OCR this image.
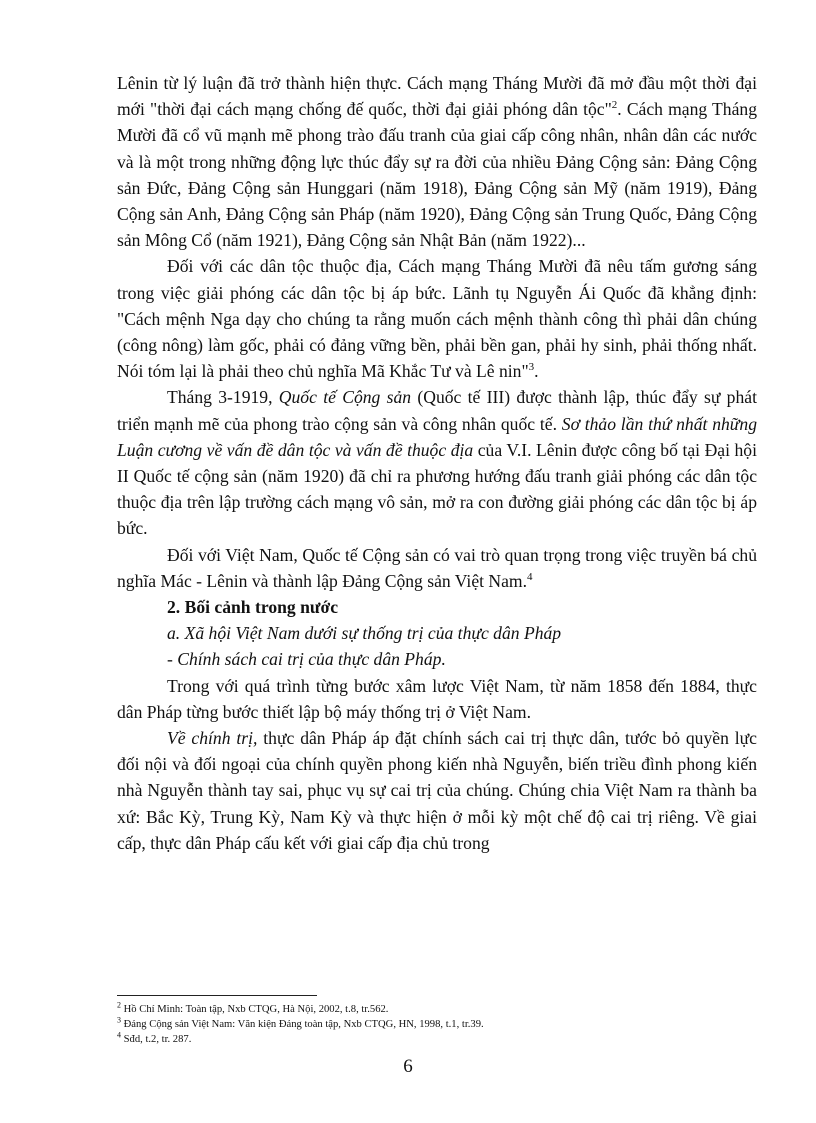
Lênin từ lý luận đã trở thành hiện thực. Cách mạng Tháng Mười đã mở đầu một thời đại mới "thời đại cách mạng chống đế quốc, thời đại giải phóng dân tộc"$^2$. Cách mạng Tháng Mười đã cổ vũ mạnh mẽ phong trào đấu tranh của giai cấp công nhân, nhân dân các nước và là một trong những động lực thúc đẩy sự ra đời của nhiều Đảng Cộng sản: Đảng Cộng sản Đức, Đảng Cộng sản Hunggari (năm 1918), Đảng Cộng sản Mỹ (năm 1919), Đảng Cộng sản Anh, Đảng Cộng sản Pháp (năm 1920), Đảng Cộng sản Trung Quốc, Đảng Cộng sản Mông Cổ (năm 1921), Đảng Cộng sản Nhật Bản (năm 1922)...

Đối với các dân tộc thuộc địa, Cách mạng Tháng Mười đã nêu tấm gương sáng trong việc giải phóng các dân tộc bị áp bức. Lãnh tụ Nguyễn Ái Quốc đã khẳng định: "Cách mệnh Nga dạy cho chúng ta rằng muốn cách mệnh thành công thì phải dân chúng (công nông) làm gốc, phải có đảng vững bền, phải bền gan, phải hy sinh, phải thống nhất. Nói tóm lại là phải theo chủ nghĩa Mã Khắc Tư và Lê nin"$^3$.

Tháng 3-1919, Quốc tế Cộng sản (Quốc tế III) được thành lập, thúc đẩy sự phát triển mạnh mẽ của phong trào cộng sản và công nhân quốc tế. Sơ thảo lần thứ nhất những Luận cương về vấn đề dân tộc và vấn đề thuộc địa của V.I. Lênin được công bố tại Đại hội II Quốc tế cộng sản (năm 1920) đã chỉ ra phương hướng đấu tranh giải phóng các dân tộc thuộc địa trên lập trường cách mạng vô sản, mở ra con đường giải phóng các dân tộc bị áp bức.

Đối với Việt Nam, Quốc tế Cộng sản có vai trò quan trọng trong việc truyền bá chủ nghĩa Mác - Lênin và thành lập Đảng Cộng sản Việt Nam.$^4$

2. Bối cảnh trong nước

a. Xã hội Việt Nam dưới sự thống trị của thực dân Pháp

- Chính sách cai trị của thực dân Pháp.

Trong với quá trình từng bước xâm lược Việt Nam, từ năm 1858 đến 1884, thực dân Pháp từng bước thiết lập bộ máy thống trị ở Việt Nam.

Về chính trị, thực dân Pháp áp đặt chính sách cai trị thực dân, tước bỏ quyền lực đối nội và đối ngoại của chính quyền phong kiến nhà Nguyễn, biến triều đình phong kiến nhà Nguyễn thành tay sai, phục vụ sự cai trị của chúng. Chúng chia Việt Nam ra thành ba xứ: Bắc Kỳ, Trung Kỳ, Nam Kỳ và thực hiện ở mỗi kỳ một chế độ cai trị riêng. Về giai cấp, thực dân Pháp cấu kết với giai cấp địa chủ trong

$^2$ Hồ Chí Minh: Toàn tập, Nxb CTQG, Hà Nội, 2002, t.8, tr.562.
$^3$ Đảng Cộng sản Việt Nam: Văn kiện Đảng toàn tập, Nxb CTQG, HN, 1998, t.1, tr.39.
$^4$ Sđd, t.2, tr. 287.
6
